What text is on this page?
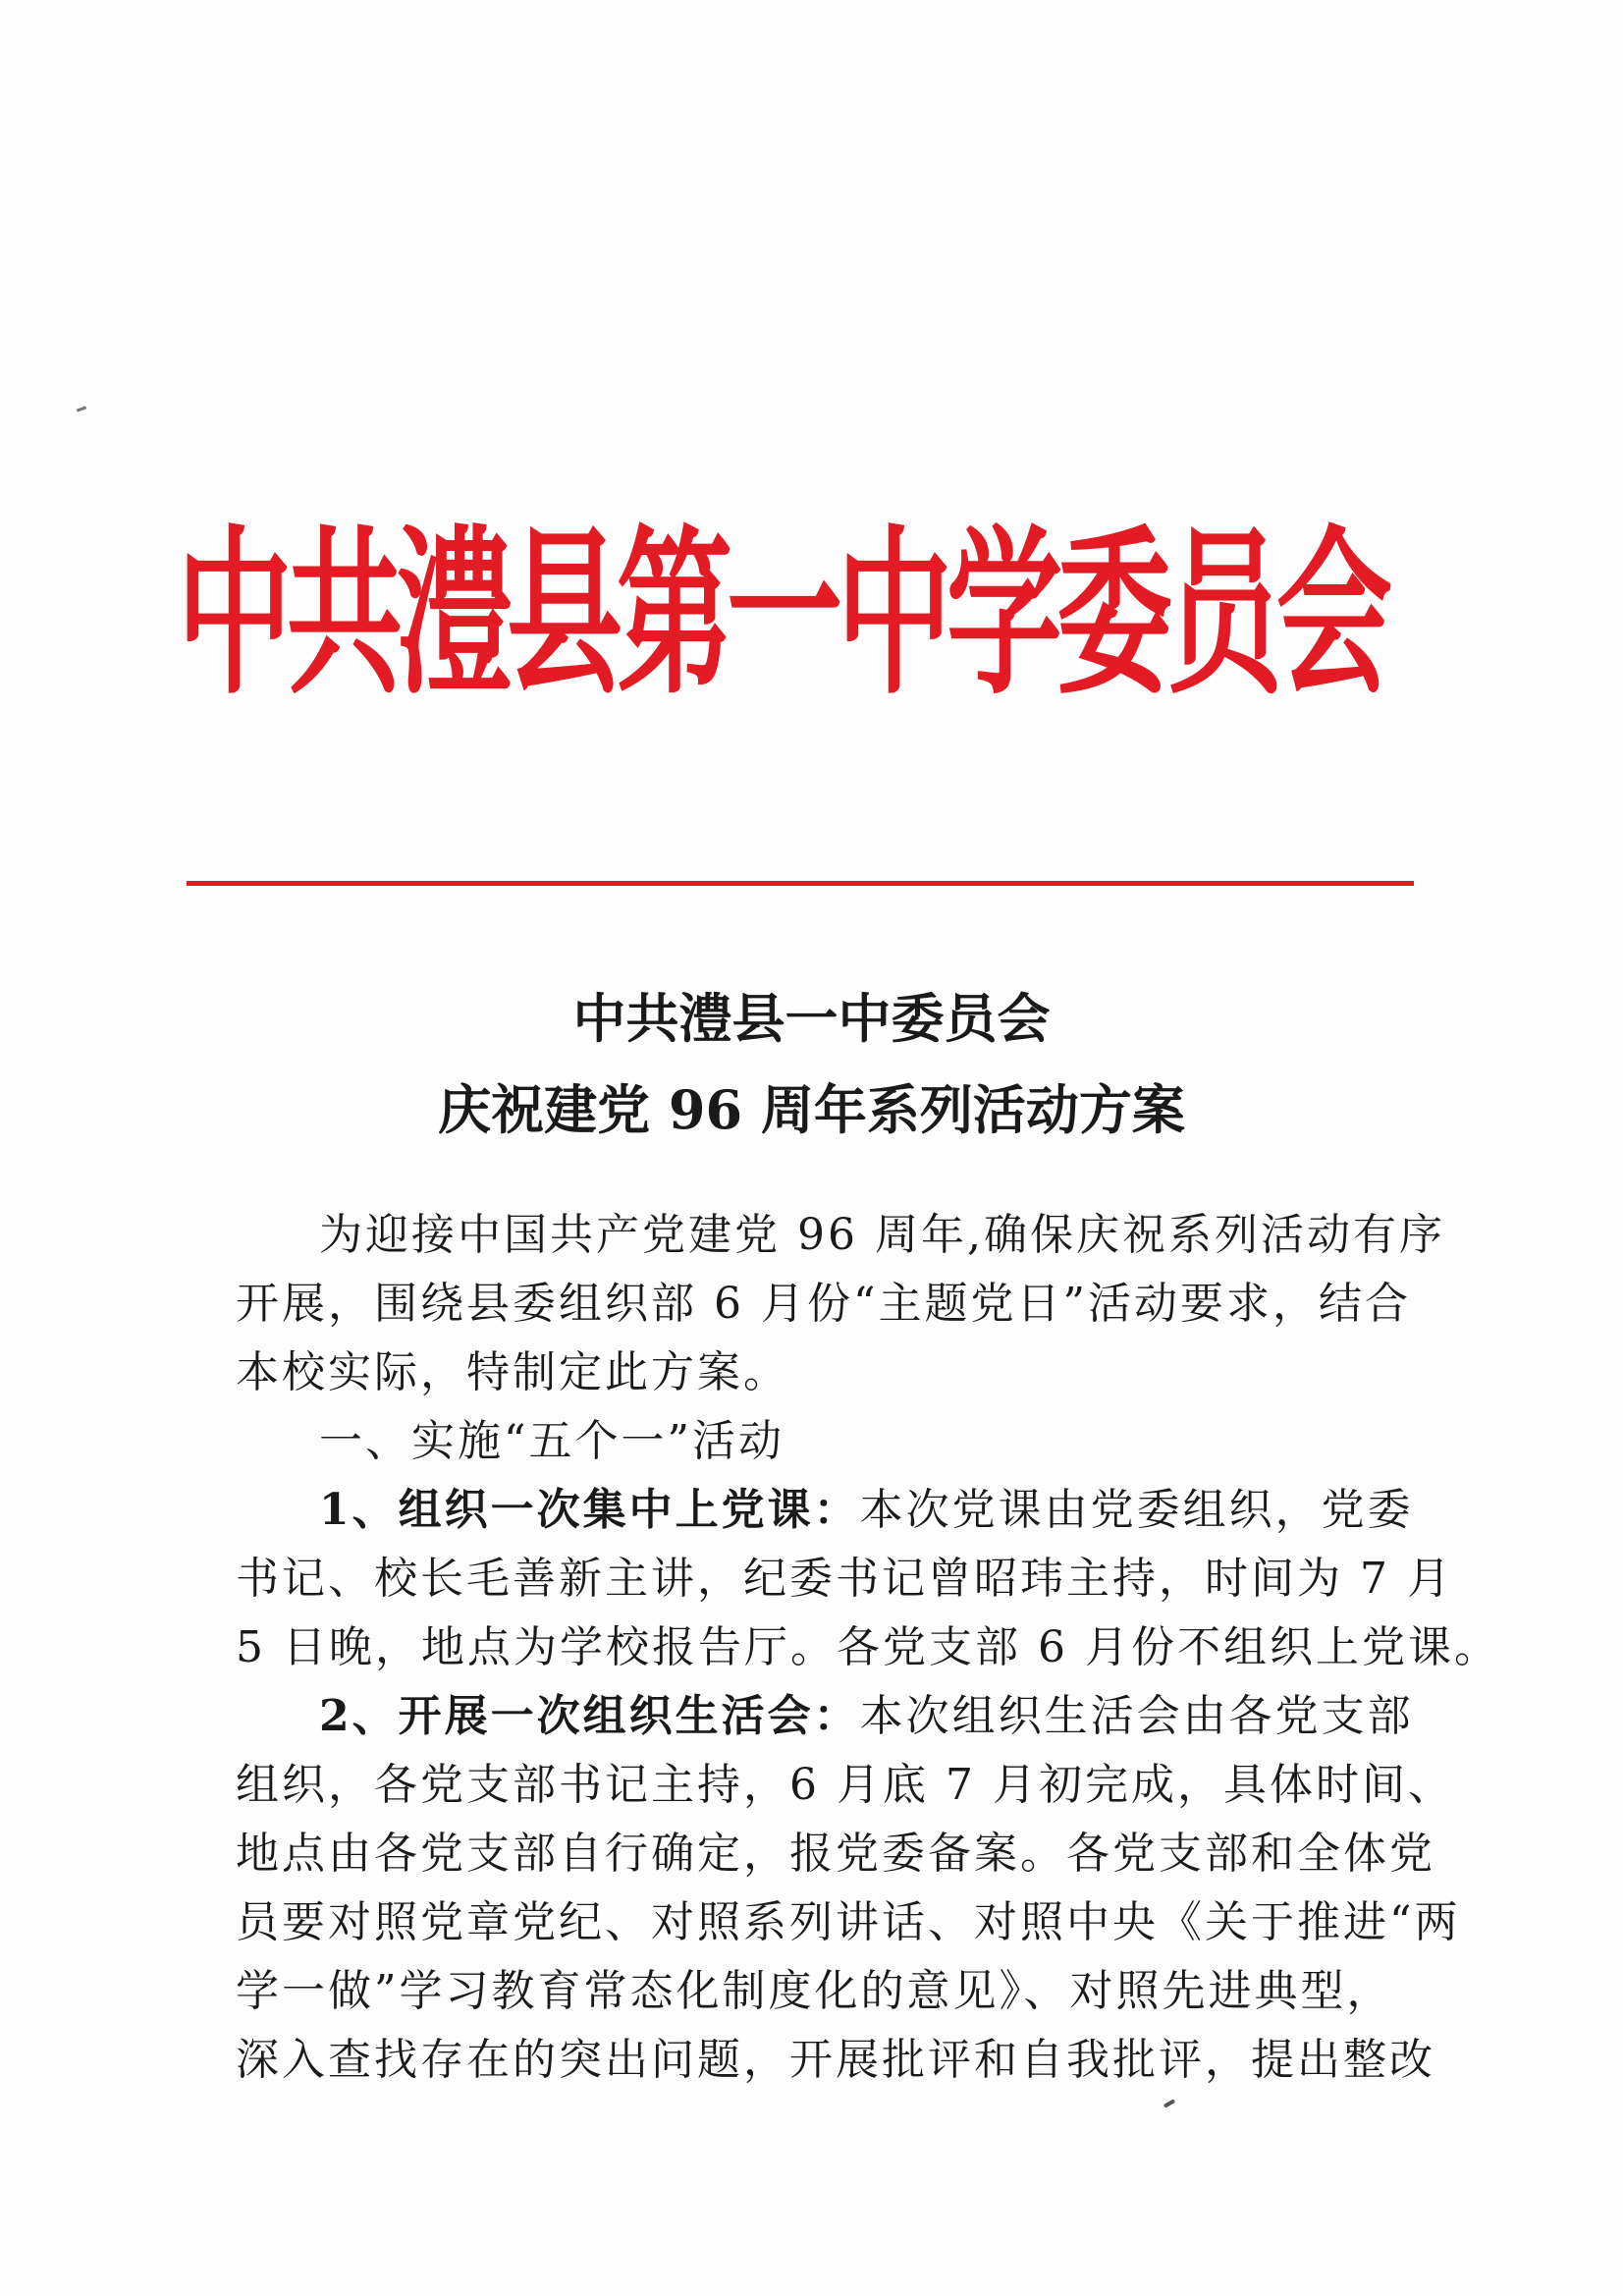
中共澧县第一中学委员会
中共澧县一中委员会
庆祝建党 96 周年系列活动方案
为迎接中国共产党建党 96 周年,确保庆祝系列活动有序
开展，围绕县委组织部 6 月份“主题党日”活动要求，结合
本校实际，特制定此方案。
一、实施“五个一”活动
1、组织一次集中上党课：本次党课由党委组织，党委
书记、校长毛善新主讲，纪委书记曾昭玮主持，时间为 7 月
5 日晚，地点为学校报告厅。各党支部 6 月份不组织上党课。
2、开展一次组织生活会：本次组织生活会由各党支部
组织，各党支部书记主持，6 月底 7 月初完成，具体时间、
地点由各党支部自行确定，报党委备案。各党支部和全体党
员要对照党章党纪、对照系列讲话、对照中央《关于推进“两
学一做”学习教育常态化制度化的意见》、对照先进典型，
深入查找存在的突出问题，开展批评和自我批评，提出整改
